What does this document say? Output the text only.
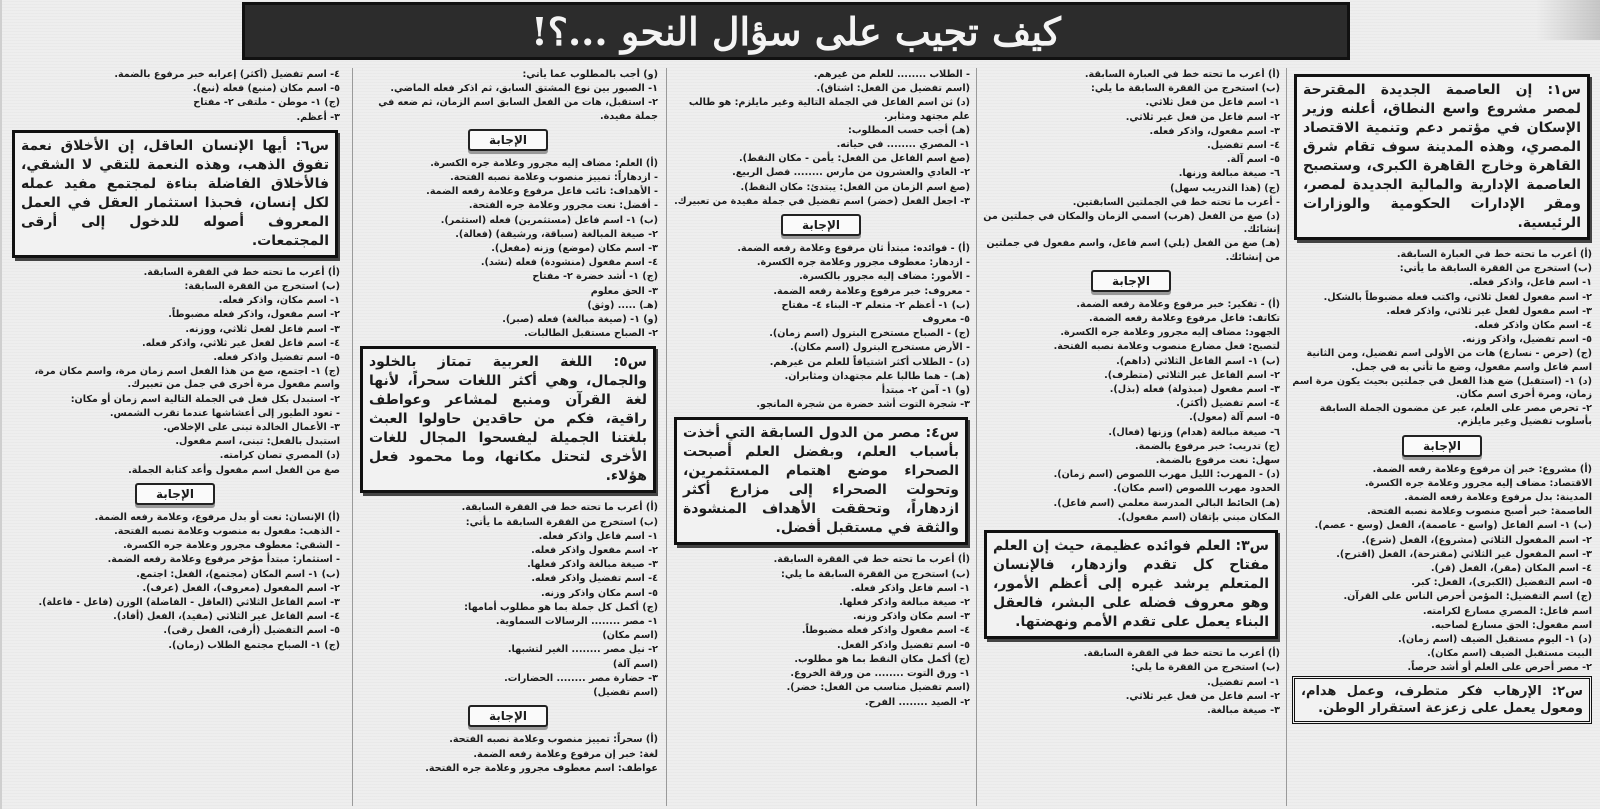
كيف تجيب على سؤال النحو ...؟!
س١: إن العاصمة الجديدة المقترحة لمصر مشروع واسع النطاق، أعلنه وزير الإسكان في مؤتمر دعم وتنمية الاقتصاد المصري، وهذه المدينة سوف تقام شرق القاهرة وخارج القاهرة الكبرى، وستصبح العاصمة الإدارية والمالية الجديدة لمصر، ومقر الإدارات الحكومية والوزارات الرئيسية.

(أ) أعرب ما تحته خط في العبارة السابقة.

(ب) استخرج من الفقرة السابقة ما يأتي:

١- اسم فاعل، واذكر فعله.

٢- اسم مفعول لفعل ثلاثي، واكتب فعله مضبوطاً بالشكل.

٣- اسم مفعول لفعل غير ثلاثي، واذكر فعله.

٤- اسم مكان واذكر فعله.

٥- اسم تفضيل، واذكر وزنه.

(ج) (حرص - نسارع) هات من الأولى اسم تفضيل، ومن الثانية اسم فاعل واسم مفعول، وضع ما تأتي به في جمل.

(د) ١- (استقبل) ضع هذا الفعل في جملتين بحيث يكون مرة اسم زمان، ومرة أخرى اسم مكان.

٢- تحرص مصر على العلم، عبر عن مضمون الجملة السابقة بأسلوب تفضيل وغير مايلزم.

الإجابة

(أ) مشروع: خبر إن مرفوع وعلامة رفعه الضمة.

الاقتصاد: مضاف إليه مجرور وعلامة جره الكسرة.

المدينة: بدل مرفوع وعلامة رفعه الضمة.

العاصمة: خبر أصبح منصوب وعلامة نصبه الفتحة.

(ب) ١- اسم الفاعل (واسع - عاصمة)، الفعل (وسع - عصم).

٢- اسم المفعول الثلاثي (مشروع)، الفعل (شرع).

٣- اسم المفعول غير الثلاثي (مقترحة)، الفعل (اقترح).

٤- اسم المكان (مقر)، الفعل (قر).

٥- اسم التفضيل (الكبرى)، الفعل: كبر.

(ج) اسم التفضيل: المؤمن أحرص الناس على القرآن.

اسم فاعل: المصري مسارع لكرامته.

اسم مفعول: الحق مسارع لصاحبه.

(د) ١- اليوم مستقبل الضيف (اسم زمان).

البيت مستقبل الضيف (اسم مكان).

٢- مصر أحرص على العلم أو أشد حرصاً.

س٢: الإرهاب فكر متطرف، وعمل هدام، ومعول يعمل على زعزعة استقرار الوطن.

(أ) أعرب ما تحته خط في العبارة السابقة.

(ب) استخرج من الفقرة السابقة ما يلي:

١- اسم فاعل من فعل ثلاثي.

٢- اسم فاعل من فعل غير ثلاثي.

٣- اسم مفعول، واذكر فعله.

٤- اسم تفضيل.

٥- اسم آلة.

٦- صيغة مبالغة وزنها.

(ج) (هذا التدريب سهل)

- أعرب ما تحته خط في الجملتين السابقتين.

(د) صغ من الفعل (هرب) اسمي الزمان والمكان في جملتين من إنشائك.

(هـ) صغ من الفعل (بلي) اسم فاعل، واسم مفعول في جملتين من إنشائك.

الإجابة

(أ) - تفكير: خبر مرفوع وعلامة رفعه الضمة.

تكاتف: فاعل مرفوع وعلامة رفعه الضمة.

الجهود: مضاف إليه مجرور وعلامة جره الكسرة.

لتصبح: فعل مضارع منصوب وعلامة نصبه الفتحة.

(ب) ١- اسم الفاعل الثلاثي (داهم).

٢- اسم الفاعل غير الثلاثي (متطرف).

٣- اسم مفعول (مبذولة) فعله (بذل).

٤- اسم تفضيل (أكثر).

٥- اسم آلة (معول).

٦- صيغة مبالغة (هدام) وزنها (فعال).

(ج) تدريب: خبر مرفوع بالضمة.

سهل: نعت مرفوع بالضمة.

(د) - المهرب: الليل مهرب اللصوص (اسم زمان).

الحدود مهرب اللصوص (اسم مكان).

(هـ) الحائط البالي المدرسة معلمي (اسم فاعل).

المكان مبني بإتقان (اسم مفعول).

س٣: العلم فوائده عظيمة، حيث إن العلم مفتاح كل تقدم وازدهار، فالإنسان المتعلم يرشد غيره إلى أعظم الأمور، وهو معروف فضله على البشر، فالعقل البناء يعمل على تقدم الأمم ونهضتها.

(أ) أعرب ما تحته خط في الفقرة السابقة.

(ب) استخرج من الفقرة ما يلي:

١- اسم تفضيل.

٢- اسم فاعل من فعل غير ثلاثي.

٣- صيغة مبالغة.

- الطلاب ........ للعلم من غيرهم.

(اسم تفضيل من الفعل: اشتاق).

(د) ثن اسم الفاعل في الجملة التالية وغير مايلزم: هو طالب علم مجتهد ومثابر.

(هـ) أجب حسب المطلوب:

١- المصري ........ في حياته.

(صغ اسم الفاعل من الفعل: يأمن - مكان النقط).

٢- العادي والعشرون من مارس ........ فصل الربيع.

(صغ اسم الزمان من الفعل: يبتدئ: مكان النقط).

٣- اجعل الفعل (خضر) اسم تفضيل في جملة مفيدة من تعبيرك.

الإجابة

(أ) - فوائده: مبتدأ ثان مرفوع وعلامة رفعه الضمة.

- ازدهار: معطوف مجرور وعلامة جره الكسرة.

- الأمور: مضاف إليه مجرور بالكسرة.

- معروف: خبر مرفوع وعلامة رفعه الضمة.

(ب) ١- أعظم ٢- متعلم ٣- البناء ٤- مفتاح

٥- معروف

(ج) - الصباح مستخرج البترول (اسم زمان).

- الأرض مستخرج البترول (اسم مكان).

(د) - الطلاب أكثر اشتياقاً للعلم من غيرهم.

(هـ) - هما طالبا علم مجتهدان ومثابران.

(و) ١- آمن ٢- مبتدأ

٣- شجرة التوت أشد خضرة من شجرة المانجو.

س٤: مصر من الدول السابقة التي أخذت بأسباب العلم، وبفضل العلم أصبحت الصحراء موضع اهتمام المستثمرين، وتحولت الصحراء إلى مزارع أكثر ازدهاراً، وتحققت الأهداف المنشودة والثقة في مستقبل أفضل.

(أ) أعرب ما تحته خط في الفقرة السابقة.

(ب) استخرج من الفقرة السابقة ما يلي:

١- اسم فاعل واذكر فعله.

٢- صيغة مبالغة واذكر فعلها.

٣- اسم مكان واذكر وزنه.

٤- اسم مفعول واذكر فعله مضبوطاً.

٥- اسم تفضيل واذكر الفعل.

(ج) أكمل مكان النقط بما هو مطلوب.

١- ورق التوت ........ من ورقة الخروع.

(اسم تفضيل مناسب من الفعل: خضر).

٢- الصيد ........ الفرح.

(و) أجب بالمطلوب عما يأتي:

١- الصبور بين نوع المشتق السابق، ثم اذكر فعله الماضي.

٢- استقبل، هات من الفعل السابق اسم الزمان، ثم ضعه في جملة مفيدة.

الإجابة

(أ) العلم: مضاف إليه مجرور وعلامة جره الكسرة.

- ازدهاراً: تمييز منصوب وعلامة نصبه الفتحة.

- الأهداف: نائب فاعل مرفوع وعلامة رفعه الضمة.

- أفضل: نعت مجرور وعلامة جره الفتحة.

(ب) ١- اسم فاعل (مستثمرين) فعله (استثمر).

٢- صيغة المبالغة (سباقة، ورشيقة) (فعالة).

٣- اسم مكان (موضع) وزنه (مفعل).

٤- اسم مفعول (منشودة) فعله (نشد).

(ج) ١- أشد خضرة ٢- مفتاح

٣- الحق معلوم

(هـ) ..... (وثق)

(و) ١- (صيغة مبالغة) فعله (صبر).

٢- الصباح مستقبل الطالبات.

س٥: اللغة العربية تمتاز بالخلود والجمال، وهي أكثر اللغات سحراً، لأنها لغة القرآن ومنبع لمشاعر وعواطف راقية، فكم من حاقدين حاولوا العبث بلغتنا الجميلة ليفسحوا المجال للغات الأخرى لتحتل مكانها، وما محمود فعل هؤلاء.

(أ) أعرب ما تحته خط في الفقرة السابقة.

(ب) استخرج من الفقرة السابقة ما يأتي:

١- اسم فاعل واذكر فعله.

٢- اسم مفعول واذكر فعله.

٣- صيغة مبالغة واذكر فعلها.

٤- اسم تفضيل واذكر فعله.

٥- اسم مكان واذكر وزنه.

(ج) أكمل كل جملة بما هو مطلوب أمامها:

١- مصر ........ الرسالات السماوية.

(اسم مكان)

٢- نيل مصر ........ الغير لتشبها.

(اسم آلة)

٣- حضارة مصر ........ الحضارات.

(اسم تفضيل)

الإجابة

(أ) سحراً: تمييز منصوب وعلامة نصبه الفتحة.

لغة: خبر إن مرفوع وعلامة رفعه الضمة.

عواطف: اسم معطوف مجرور وعلامة جره الفتحة.

٤- اسم تفضيل (أكثر) إعرابه خبر مرفوع بالضمة.

٥- اسم مكان (منبع) فعله (نبع).

(ج) ١- موطن - ملتقى ٢- مفتاح

٣- أعظم.

س٦: أيها الإنسان العاقل، إن الأخلاق نعمة تفوق الذهب، وهذه النعمة للتقي لا الشقي، فالأخلاق الفاضلة بناءة لمجتمع مفيد عمله لكل إنسان، فحبذا استثمار العقل في العمل المعروف أصوله للدخول إلى أرقى المجتمعات.

(أ) أعرب ما تحته خط في الفقرة السابقة.

(ب) استخرج من الفقرة السابقة:

١- اسم مكان، واذكر فعله.

٢- اسم مفعول، واذكر فعله مضبوطاً.

٣- اسم فاعل لفعل ثلاثي، ووزنه.

٤- اسم فاعل لفعل غير ثلاثي، واذكر فعله.

٥- اسم تفضيل واذكر فعله.

(ج) ١- اجتمع، صغ من هذا الفعل اسم زمان مرة، واسم مكان مرة، واسم مفعول مرة أخرى في جمل من تعبيرك.

٢- استبدل بكل فعل في الجملة التالية اسم زمان أو مكان:

- تعود الطيور إلى أعشاشها عندما تقرب الشمس.

٣- الأعمال الخالدة تبنى على الإخلاص.

استبدل بالفعل: تبنى، اسم مفعول.

(د) المصري تصان كرامته.

صغ من الفعل اسم مفعول وأعد كتابة الجملة.

الإجابة

(أ) الإنسان: نعت أو بدل مرفوع، وعلامة رفعه الضمة.

- الذهب: مفعول به منصوب وعلامة نصبه الفتحة.

- الشقي: معطوف مجرور وعلامة جره الكسرة.

- استثمار: مبتدأ مؤخر مرفوع وعلامة رفعه الضمة.

(ب) ١- اسم المكان (مجتمع)، الفعل: اجتمع.

٢- اسم المفعول (معروف)، الفعل (عرف).

٣- اسم الفاعل الثلاثي (العاقل - الفاضلة) الوزن (فاعل - فاعلة).

٤- اسم الفاعل غير الثلاثي (مفيد)، الفعل (أفاد).

٥- اسم التفضيل (أرقى، الفعل رقى).

(ج) ١- الصباح مجتمع الطلاب (زمان).
